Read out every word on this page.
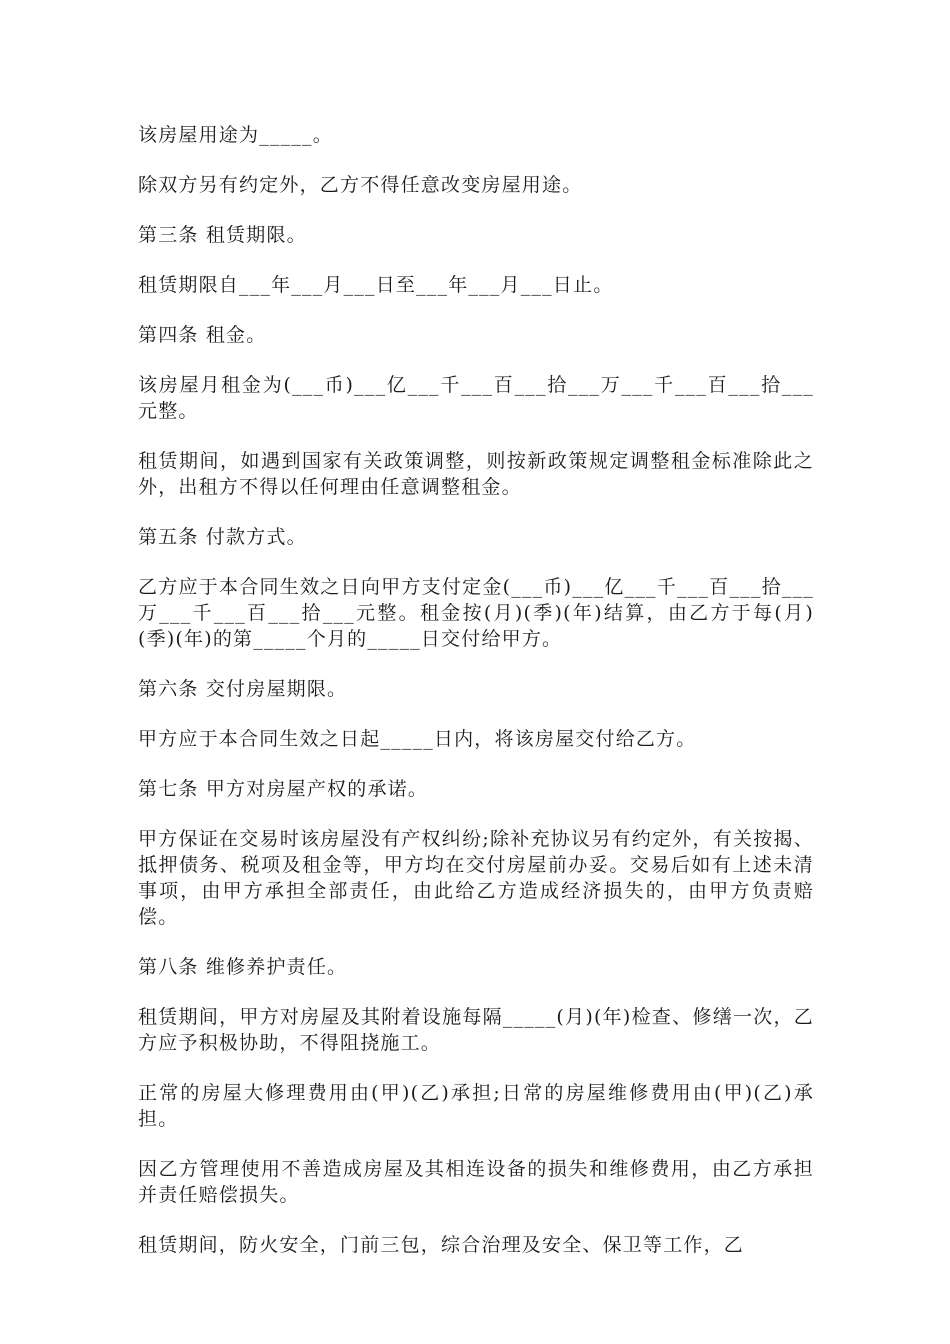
该房屋用途为_____。

除双方另有约定外，乙方不得任意改变房屋用途。

第三条 租赁期限。

租赁期限自___年___月___日至___年___月___日止。

第四条 租金。

该房屋月租金为(___币)___亿___千___百___拾___万___千___百___拾___元整。

租赁期间，如遇到国家有关政策调整，则按新政策规定调整租金标准除此之外，出租方不得以任何理由任意调整租金。

第五条 付款方式。

乙方应于本合同生效之日向甲方支付定金(___币)___亿___千___百___拾___万___千___百___拾___元整。租金按(月)(季)(年)结算，由乙方于每(月)(季)(年)的第_____个月的_____日交付给甲方。

第六条 交付房屋期限。

甲方应于本合同生效之日起_____日内，将该房屋交付给乙方。

第七条 甲方对房屋产权的承诺。

甲方保证在交易时该房屋没有产权纠纷;除补充协议另有约定外，有关按揭、抵押债务、税项及租金等，甲方均在交付房屋前办妥。交易后如有上述未清事项，由甲方承担全部责任，由此给乙方造成经济损失的，由甲方负责赔偿。

第八条 维修养护责任。

租赁期间，甲方对房屋及其附着设施每隔_____(月)(年)检查、修缮一次，乙方应予积极协助，不得阻挠施工。

正常的房屋大修理费用由(甲)(乙)承担;日常的房屋维修费用由(甲)(乙)承担。

因乙方管理使用不善造成房屋及其相连设备的损失和维修费用，由乙方承担并责任赔偿损失。

租赁期间，防火安全，门前三包，综合治理及安全、保卫等工作，乙
